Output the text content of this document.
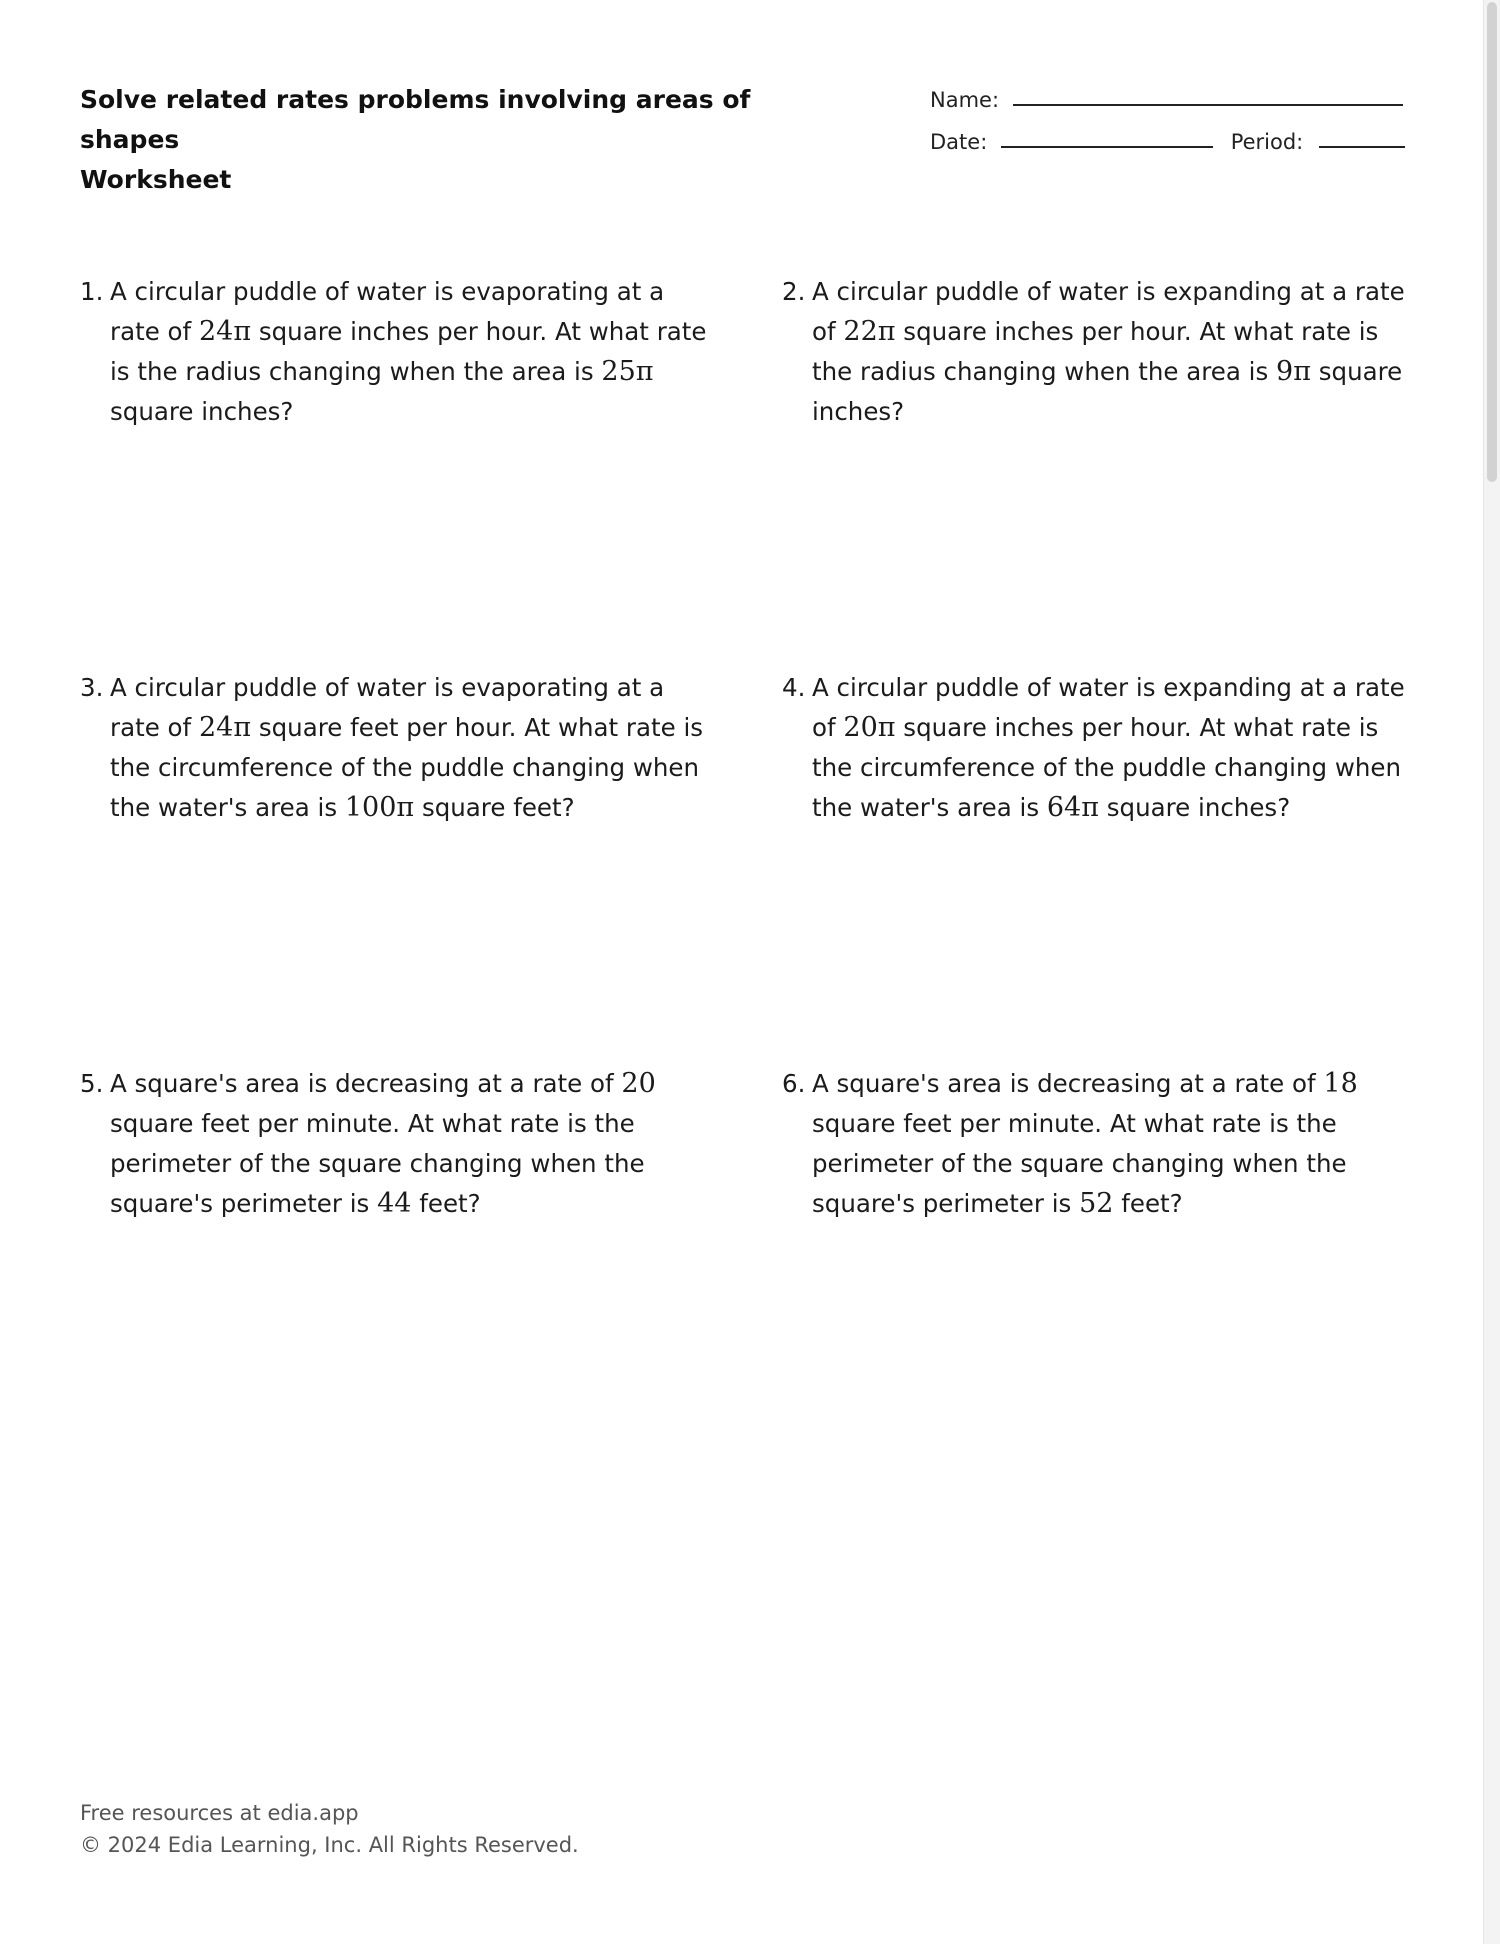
Solve related rates problems involving areas of shapes
Worksheet
Name:
Date:	Period:
1. A circular puddle of water is evaporating at a rate of 24π square inches per hour. At what rate is the radius changing when the area is 25π square inches?
2. A circular puddle of water is expanding at a rate of 22π square inches per hour. At what rate is the radius changing when the area is 9π square inches?
3. A circular puddle of water is evaporating at a rate of 24π square feet per hour. At what rate is the circumference of the puddle changing when the water's area is 100π square feet?
4. A circular puddle of water is expanding at a rate of 20π square inches per hour. At what rate is the circumference of the puddle changing when the water's area is 64π square inches?
5. A square's area is decreasing at a rate of 20 square feet per minute. At what rate is the perimeter of the square changing when the square's perimeter is 44 feet?
6. A square's area is decreasing at a rate of 18 square feet per minute. At what rate is the perimeter of the square changing when the square's perimeter is 52 feet?
Free resources at edia.app
© 2024 Edia Learning, Inc. All Rights Reserved.
